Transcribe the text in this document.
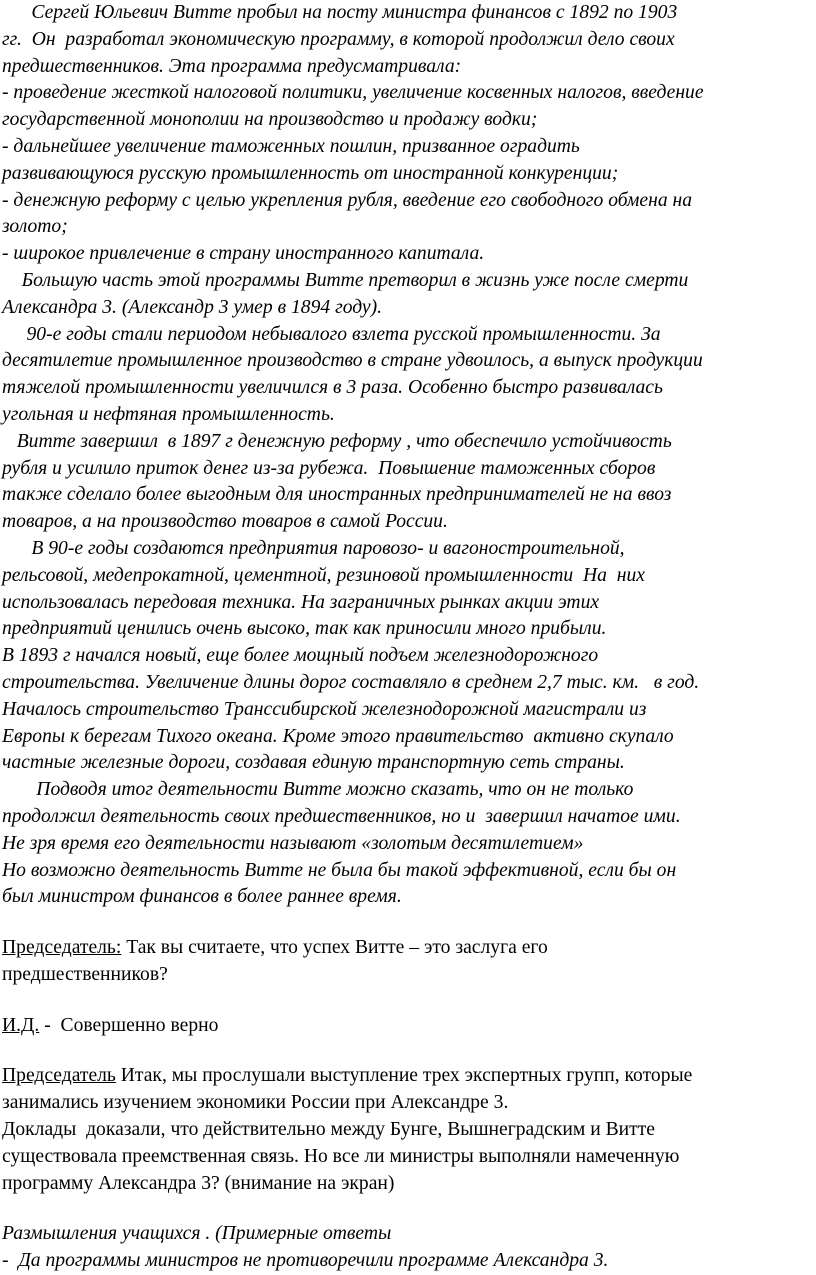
Сергей Юльевич Витте пробыл на посту министра финансов с 1892 по 1903

гг.  Он  разработал экономическую программу, в которой продолжил дело своих

предшественников. Эта программа предусматривала:

- проведение жесткой налоговой политики, увеличение косвенных налогов, введение

государственной монополии на производство и продажу водки;

- дальнейшее увеличение таможенных пошлин, призванное оградить

развивающуюся русскую промышленность от иностранной конкуренции;

- денежную реформу с целью укрепления рубля, введение его свободного обмена на

золото;

- широкое привлечение в страну иностранного капитала.

Большую часть этой программы Витте претворил в жизнь уже после смерти

Александра 3. (Александр 3 умер в 1894 году).

90-е годы стали периодом небывалого взлета русской промышленности. За

десятилетие промышленное производство в стране удвоилось, а выпуск продукции

тяжелой промышленности увеличился в 3 раза. Особенно быстро развивалась

угольная и нефтяная промышленность.

Витте завершил  в 1897 г денежную реформу , что обеспечило устойчивость

рубля и усилило приток денег из-за рубежа.  Повышение таможенных сборов

также сделало более выгодным для иностранных предпринимателей не на ввоз

товаров, а на производство товаров в самой России.

В 90-е годы создаются предприятия паровозо- и вагоностроительной,

рельсовой, медепрокатной, цементной, резиновой промышленности  На  них

использовалась передовая техника. На заграничных рынках акции этих

предприятий ценились очень высоко, так как приносили много прибыли.

В 1893 г начался новый, еще более мощный подъем железнодорожного

строительства. Увеличение длины дорог составляло в среднем 2,7 тыс. км.   в год.

Началось строительство Транссибирской железнодорожной магистрали из

Европы к берегам Тихого океана. Кроме этого правительство  активно скупало

частные железные дороги, создавая единую транспортную сеть страны.

Подводя итог деятельности Витте можно сказать, что он не только

продолжил деятельность своих предшественников, но и  завершил начатое ими.

Не зря время его деятельности называют «золотым десятилетием»

Но возможно деятельность Витте не была бы такой эффективной, если бы он

был министром финансов в более раннее время.

Председатель: Так вы считаете, что успех Витте – это заслуга его

предшественников?

И.Д. -  Совершенно верно

Председатель Итак, мы прослушали выступление трех экспертных групп, которые

занимались изучением экономики России при Александре 3.

Доклады  доказали, что действительно между Бунге, Вышнеградским и Витте

существовала преемственная связь. Но все ли министры выполняли намеченную

программу Александра 3? (внимание на экран)

Размышления учащихся . (Примерные ответы

-  Да программы министров не противоречили программе Александра 3.
